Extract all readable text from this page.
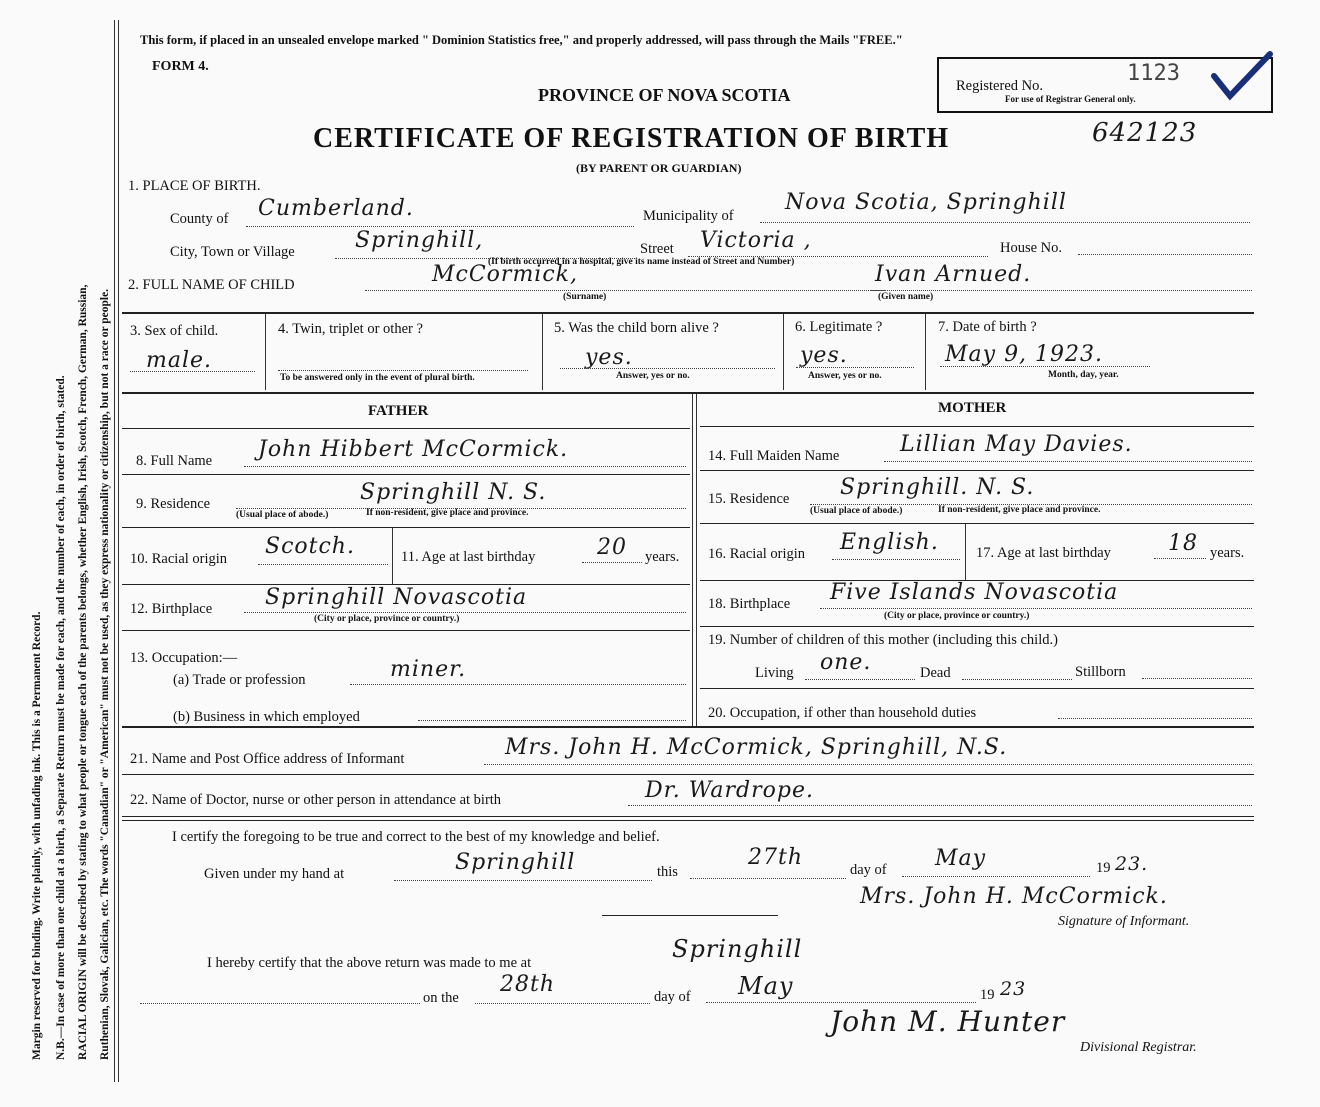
Margin reserved for binding. Write plainly, with unfading ink. This is a Permanent Record. N.B.—In case of more than one child at a birth, a Separate Return must be made for each, and the number of each, in order of birth, stated. RACIAL ORIGIN will be described by stating to what people or tongue each of the parents belongs, whether English, Irish, Scotch, French, German, Russian, Ruthenian, Slovak, Galician, etc. The words "Canadian" or "American" must not be used, as they express nationality or citizenship, but not a race or people.
This form, if placed in an unsealed envelope marked " Dominion Statistics free," and properly addressed, will pass through the Mails "FREE."
FORM 4.
PROVINCE OF NOVA SCOTIA
CERTIFICATE OF REGISTRATION OF BIRTH	642123
(BY PARENT OR GUARDIAN)
Registered No.	1123
For use of Registrar General only.
1. PLACE OF BIRTH.
County of Cumberland.	Municipality of
Nova Scotia, Springhill
City, Town or Village	Springhill,	Street Victoria ,	House No.
(If birth occurred in a hospital, give its name instead of Street and Number)
2. FULL NAME OF CHILD	McCormick,
(Surname)
Ivan Arnued.
(Given name)
3. Sex of child.
male.
4. Twin, triplet or other ?
To be answered only in the event of plural birth.
5. Was the child born alive ?
yes.
Answer, yes or no.
6. Legitimate ?
yes.
Answer, yes or no.
7. Date of birth ?
May 9, 1923.
Month, day, year.
FATHER	MOTHER
8. Full Name John Hibbert McCormick.
9. Residence	Springhill N. S.
(Usual place of abode.)	If non-resident, give place and province.
10. Racial origin Scotch.	11. Age at last birthday	20 years.
12. Birthplace Springhill Novascotia
(City or place, province or country.)
13. Occupation:—
(a) Trade or profession	miner.
(b) Business in which employed
14. Full Maiden Name	Lillian May Davies.
15. Residence Springhill. N. S.
(Usual place of abode.)	If non-resident, give place and province.
16. Racial origin English.	17. Age at last birthday	18 years.
18. Birthplace Five Islands Novascotia
(City or place, province or country.)
19. Number of children of this mother (including this child.)
Living one.	Dead	Stillborn
20. Occupation, if other than household duties
21. Name and Post Office address of Informant	Mrs. John H. McCormick, Springhill, N.S.
22. Name of Doctor, nurse or other person in attendance at birth	Dr. Wardrope.
I certify the foregoing to be true and correct to the best of my knowledge and belief.
Given under my hand at	Springhill	this
27th	day of May	19 23.
Mrs. John H. McCormick.
Signature of Informant.
I hereby certify that the above return was made to me at	Springhill
on the
28th	day of May	19 23
John M. Hunter
Divisional Registrar.
